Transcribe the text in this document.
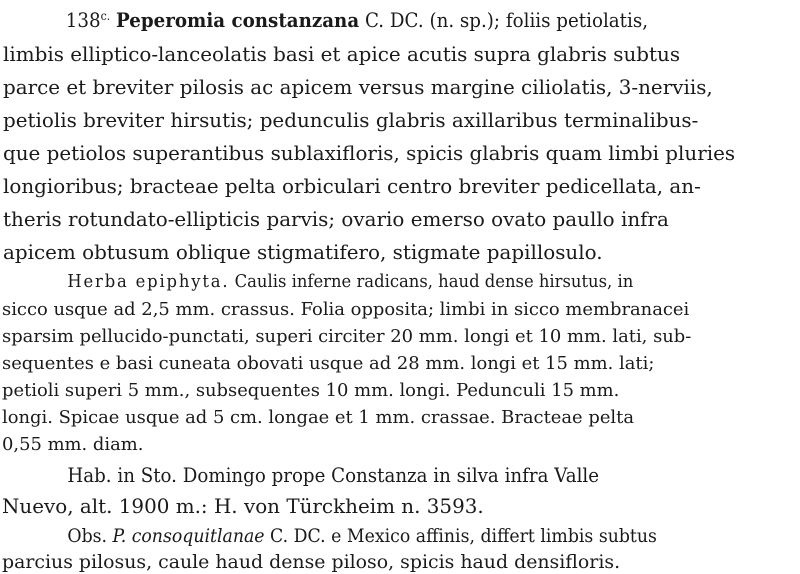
$138^{c.}$ Peperomia constanzana C. DC. (n. sp.); foliis petiolatis,
limbis elliptico-lanceolatis basi et apice acutis supra glabris subtus
parce et breviter pilosis ac apicem versus margine ciliolatis, 3-nerviis,
petiolis breviter hirsutis; pedunculis glabris axillaribus terminalibus-
que petiolos superantibus sublaxifloris, spicis glabris quam limbi pluries
longioribus; bracteae pelta orbiculari centro breviter pedicellata, an-
theris rotundato-ellipticis parvis; ovario emerso ovato paullo infra
apicem obtusum oblique stigmatifero, stigmate papillosulo.
Herba epiphyta. Caulis inferne radicans, haud dense hirsutus, in
sicco usque ad 2,5 mm. crassus. Folia opposita; limbi in sicco membranacei
sparsim pellucido-punctati, superi circiter 20 mm. longi et 10 mm. lati, sub-
sequentes e basi cuneata obovati usque ad 28 mm. longi et 15 mm. lati;
petioli superi 5 mm., subsequentes 10 mm. longi. Pedunculi 15 mm.
longi. Spicae usque ad 5 cm. longae et 1 mm. crassae. Bracteae pelta
0,55 mm. diam.
Hab. in Sto. Domingo prope Constanza in silva infra Valle
Nuevo, alt. 1900 m.: H. von Türckheim n. 3593.
Obs. P. consoquitlanae C. DC. e Mexico affinis, differt limbis subtus
parcius pilosus, caule haud dense piloso, spicis haud densifloris.
